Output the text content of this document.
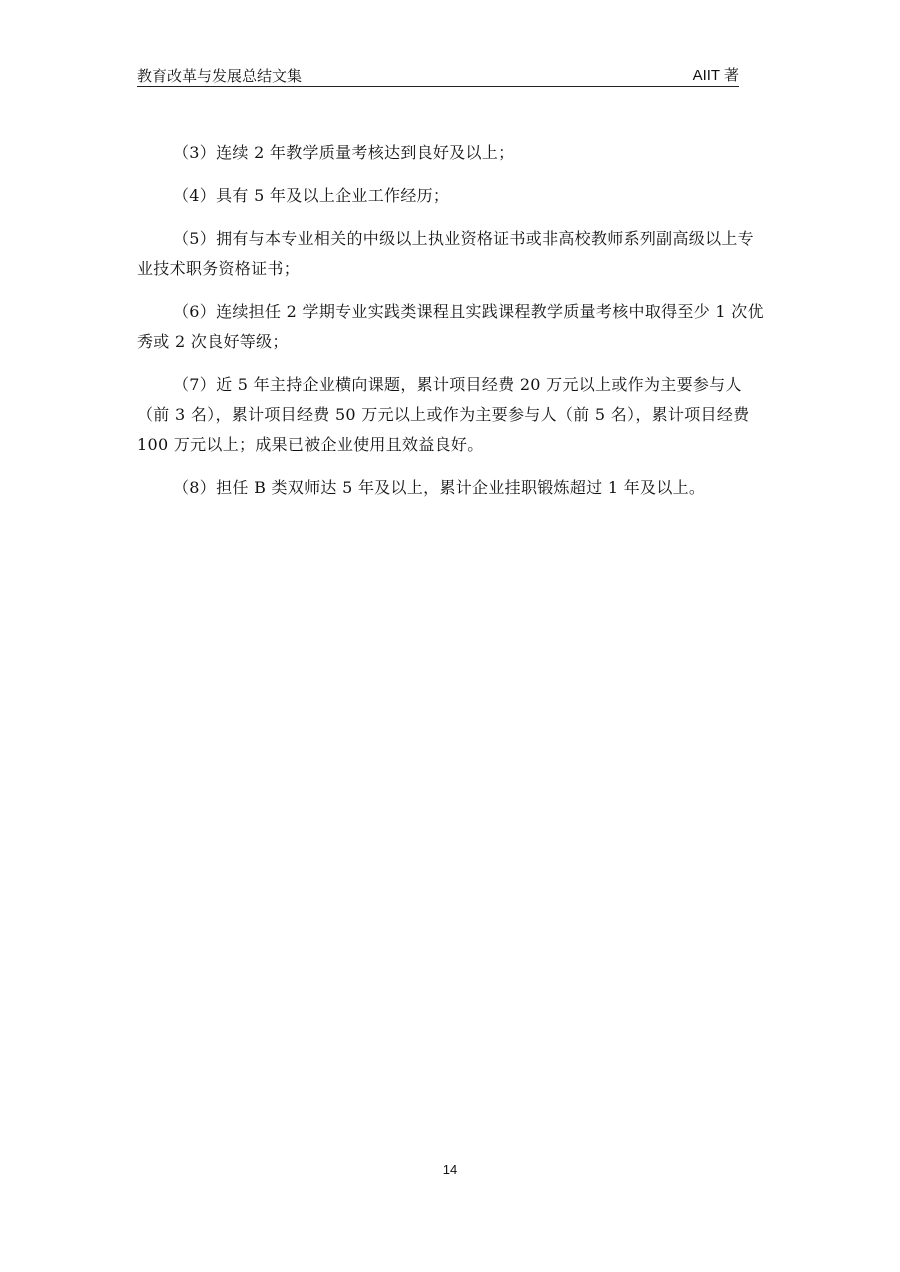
教育改革与发展总结文集	AIIT 著

（3）连续 2 年教学质量考核达到良好及以上；

（4）具有 5 年及以上企业工作经历；

（5）拥有与本专业相关的中级以上执业资格证书或非高校教师系列副高级以上专业技术职务资格证书；

（6）连续担任 2 学期专业实践类课程且实践课程教学质量考核中取得至少 1 次优秀或 2 次良好等级；

（7）近 5 年主持企业横向课题，累计项目经费 20 万元以上或作为主要参与人（前 3 名），累计项目经费 50 万元以上或作为主要参与人（前 5 名），累计项目经费 100 万元以上；成果已被企业使用且效益良好。

（8）担任 B 类双师达 5 年及以上，累计企业挂职锻炼超过 1 年及以上。

14
